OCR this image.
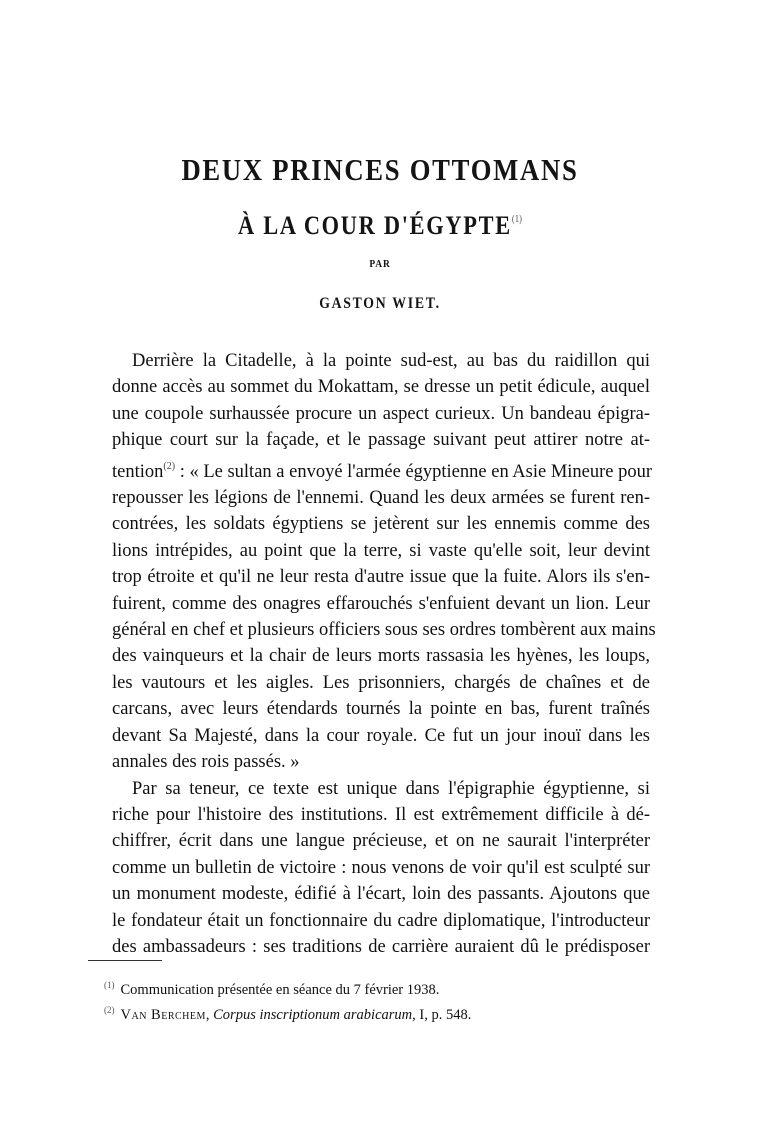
DEUX PRINCES OTTOMANS
À LA COUR D'ÉGYPTE$^{(1)}$
PAR
GASTON WIET.
Derrière la Citadelle, à la pointe sud-est, au bas du raidillon qui
donne accès au sommet du Mokattam, se dresse un petit édicule, auquel
une coupole surhaussée procure un aspect curieux. Un bandeau épigra-
phique court sur la façade, et le passage suivant peut attirer notre at-
tention$^{(2)}$ : « Le sultan a envoyé l'armée égyptienne en Asie Mineure pour
repousser les légions de l'ennemi. Quand les deux armées se furent ren-
contrées, les soldats égyptiens se jetèrent sur les ennemis comme des
lions intrépides, au point que la terre, si vaste qu'elle soit, leur devint
trop étroite et qu'il ne leur resta d'autre issue que la fuite. Alors ils s'en-
fuirent, comme des onagres effarouchés s'enfuient devant un lion. Leur
général en chef et plusieurs officiers sous ses ordres tombèrent aux mains
des vainqueurs et la chair de leurs morts rassasia les hyènes, les loups,
les vautours et les aigles. Les prisonniers, chargés de chaînes et de
carcans, avec leurs étendards tournés la pointe en bas, furent traînés
devant Sa Majesté, dans la cour royale. Ce fut un jour inouï dans les
annales des rois passés. »
Par sa teneur, ce texte est unique dans l'épigraphie égyptienne, si
riche pour l'histoire des institutions. Il est extrêmement difficile à dé-
chiffrer, écrit dans une langue précieuse, et on ne saurait l'interpréter
comme un bulletin de victoire : nous venons de voir qu'il est sculpté sur
un monument modeste, édifié à l'écart, loin des passants. Ajoutons que
le fondateur était un fonctionnaire du cadre diplomatique, l'introducteur
des ambassadeurs : ses traditions de carrière auraient dû le prédisposer

$^{(1)}$ Communication présentée en séance du 7 février 1938.

$^{(2)}$ Van Berchem, Corpus inscriptionum arabicarum, I, p. 548.
